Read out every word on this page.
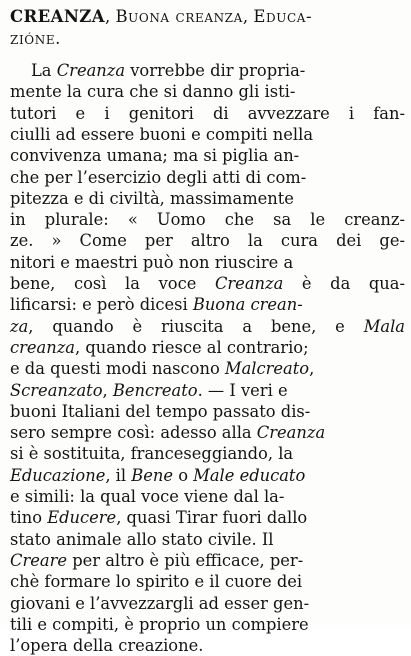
CREANZA, Buona creanza, Educa-
zióne.
La Creanza vorrebbe dir propria-
mente la cura che si danno gli isti-
tutori e i genitori di avvezzare i fan-
ciulli ad essere buoni e compiti nella
convivenza umana; ma si piglia an-
che per l’esercizio degli atti di com-
pitezza e di civiltà, massimamente
in plurale: « Uomo che sa le creanz-
ze. » Come per altro la cura dei ge-
nitori e maestri può non riuscire a
bene, così la voce Creanza è da qua-
lificarsi: e però dicesi Buona crean-
za, quando è riuscita a bene, e Mala
creanza, quando riesce al contrario;
e da questi modi nascono Malcreato,
Screanzato, Bencreato. — I veri e
buoni Italiani del tempo passato dis-
sero sempre così: adesso alla Creanza
si è sostituita, franceseggiando, la
Educazione, il Bene o Male educato
e simili: la qual voce viene dal la-
tino Educere, quasi Tirar fuori dallo
stato animale allo stato civile. Il
Creare per altro è più efficace, per-
chè formare lo spirito e il cuore dei
giovani e l’avvezzargli ad esser gen-
tili e compiti, è proprio un compiere
l’opera della creazione.
